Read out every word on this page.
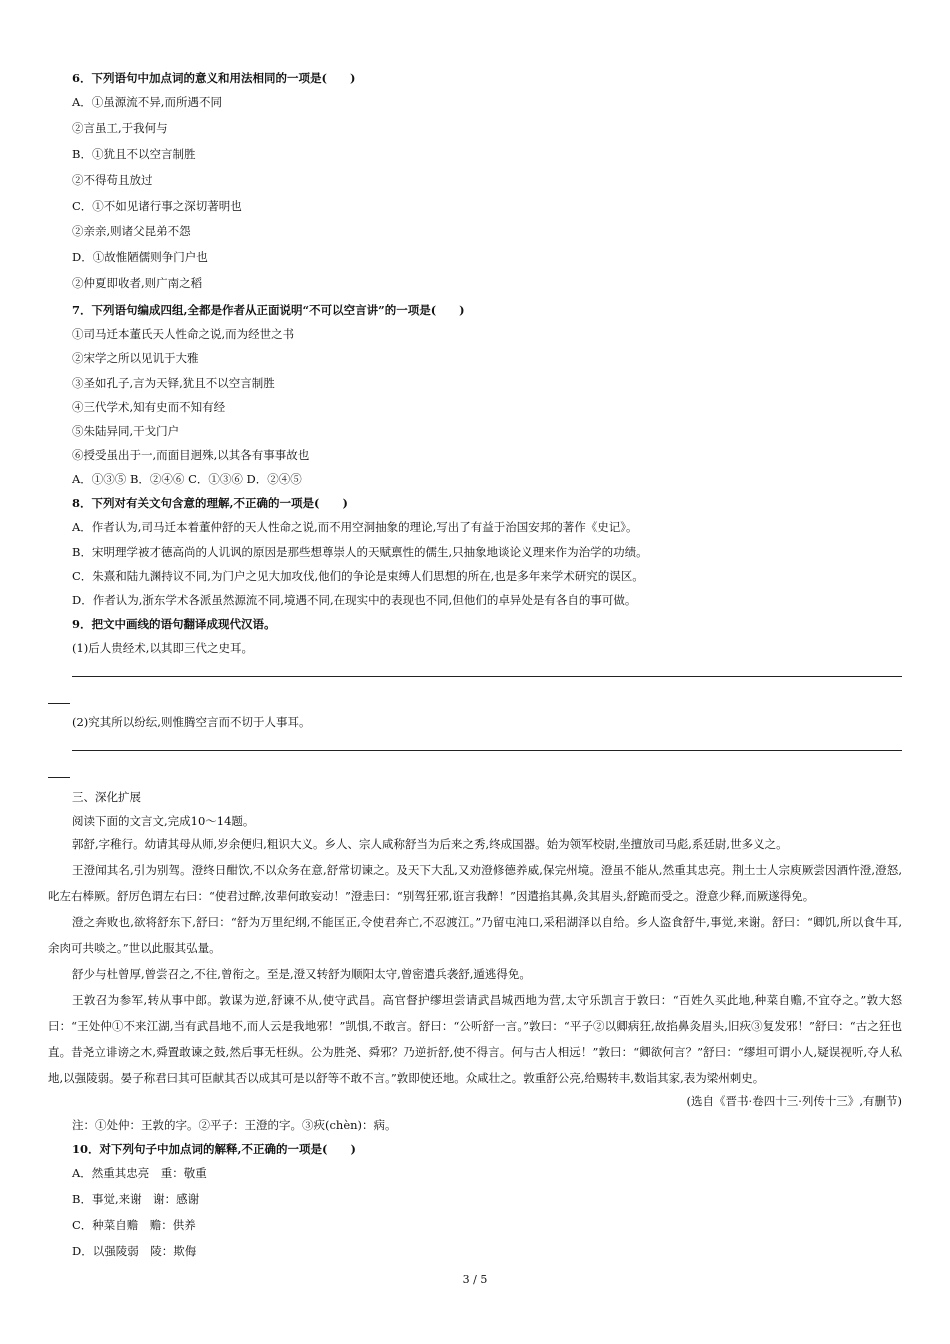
6．下列语句中加点词的意义和用法相同的一项是(　　)

A．①虽源流不异,而所遇不同

②言虽工,于我何与

B．①犹且不以空言制胜

②不得苟且放过

C．①不如见诸行事之深切著明也

②亲亲,则诸父昆弟不怨

D．①故惟陋儒则争门户也

②仲夏即收者,则广南之稻

7．下列语句编成四组,全都是作者从正面说明“不可以空言讲”的一项是(　　)

①司马迁本董氏天人性命之说,而为经世之书

②宋学之所以见讥于大雅

③圣如孔子,言为天铎,犹且不以空言制胜

④三代学术,知有史而不知有经

⑤朱陆异同,干戈门户

⑥授受虽出于一,而面目迥殊,以其各有事事故也

A．①③⑤ B．②④⑥ C．①③⑥ D．②④⑤

8．下列对有关文句含意的理解,不正确的一项是(　　)

A．作者认为,司马迁本着董仲舒的天人性命之说,而不用空洞抽象的理论,写出了有益于治国安邦的著作《史记》。

B．宋明理学被才德高尚的人讥讽的原因是那些想尊崇人的天赋禀性的儒生,只抽象地谈论义理来作为治学的功绩。

C．朱熹和陆九渊持议不同,为门户之见大加攻伐,他们的争论是束缚人们思想的所在,也是多年来学术研究的误区。

D．作者认为,浙东学术各派虽然源流不同,境遇不同,在现实中的表现也不同,但他们的卓异处是有各自的事可做。

9．把文中画线的语句翻译成现代汉语。

(1)后人贵经术,以其即三代之史耳。

(2)究其所以纷纭,则惟腾空言而不切于人事耳。

三、深化扩展

阅读下面的文言文,完成10～14题。

郭舒,字稚行。幼请其母从师,岁余便归,粗识大义。乡人、宗人咸称舒当为后来之秀,终成国器。始为领军校尉,坐擅放司马彪,系廷尉,世多义之。

王澄闻其名,引为别驾。澄终日酣饮,不以众务在意,舒常切谏之。及天下大乱,又劝澄修德养威,保完州境。澄虽不能从,然重其忠亮。荆土士人宗庾厥尝因酒忤澄,澄怒,叱左右棒厥。舒厉色谓左右曰：“使君过醉,汝辈何敢妄动！”澄恚曰：“别驾狂邪,诳言我醉！”因遣掐其鼻,灸其眉头,舒跪而受之。澄意少释,而厥遂得免。

澄之奔败也,欲将舒东下,舒曰：“舒为万里纪纲,不能匡正,令使君奔亡,不忍渡江。”乃留屯沌口,采稆湖泽以自给。乡人盗食舒牛,事觉,来谢。舒曰：“卿饥,所以食牛耳,余肉可共啖之。”世以此服其弘量。

舒少与杜曾厚,曾尝召之,不往,曾衔之。至是,澄又转舒为顺阳太守,曾密遣兵袭舒,遁逃得免。

王敦召为参军,转从事中郎。敦谋为逆,舒谏不从,使守武昌。高官督护缪坦尝请武昌城西地为营,太守乐凯言于敦曰：“百姓久买此地,种菜自赡,不宜夺之。”敦大怒曰：“王处仲①不来江湖,当有武昌地不,而人云是我地邪！”凯惧,不敢言。舒曰：“公听舒一言。”敦曰：“平子②以卿病狂,故掐鼻灸眉头,旧疢③复发邪！”舒曰：“古之狂也直。昔尧立诽谤之木,舜置敢谏之鼓,然后事无枉纵。公为胜尧、舜邪？乃逆折舒,使不得言。何与古人相远！”敦曰：“卿欲何言？”舒曰：“缪坦可谓小人,疑误视听,夺人私地,以强陵弱。晏子称君曰其可臣献其否以成其可是以舒等不敢不言。”敦即使还地。众咸壮之。敦重舒公亮,给赐转丰,数诣其家,表为梁州刺史。

(选自《晋书·卷四十三·列传十三》,有删节)

注：①处仲：王敦的字。②平子：王澄的字。③疢(chèn)：病。

10．对下列句子中加点词的解释,不正确的一项是(　　)

A．然重其忠亮　重：敬重

B．事觉,来谢　谢：感谢

C．种菜自赡　赡：供养

D．以强陵弱　陵：欺侮

3 / 5
